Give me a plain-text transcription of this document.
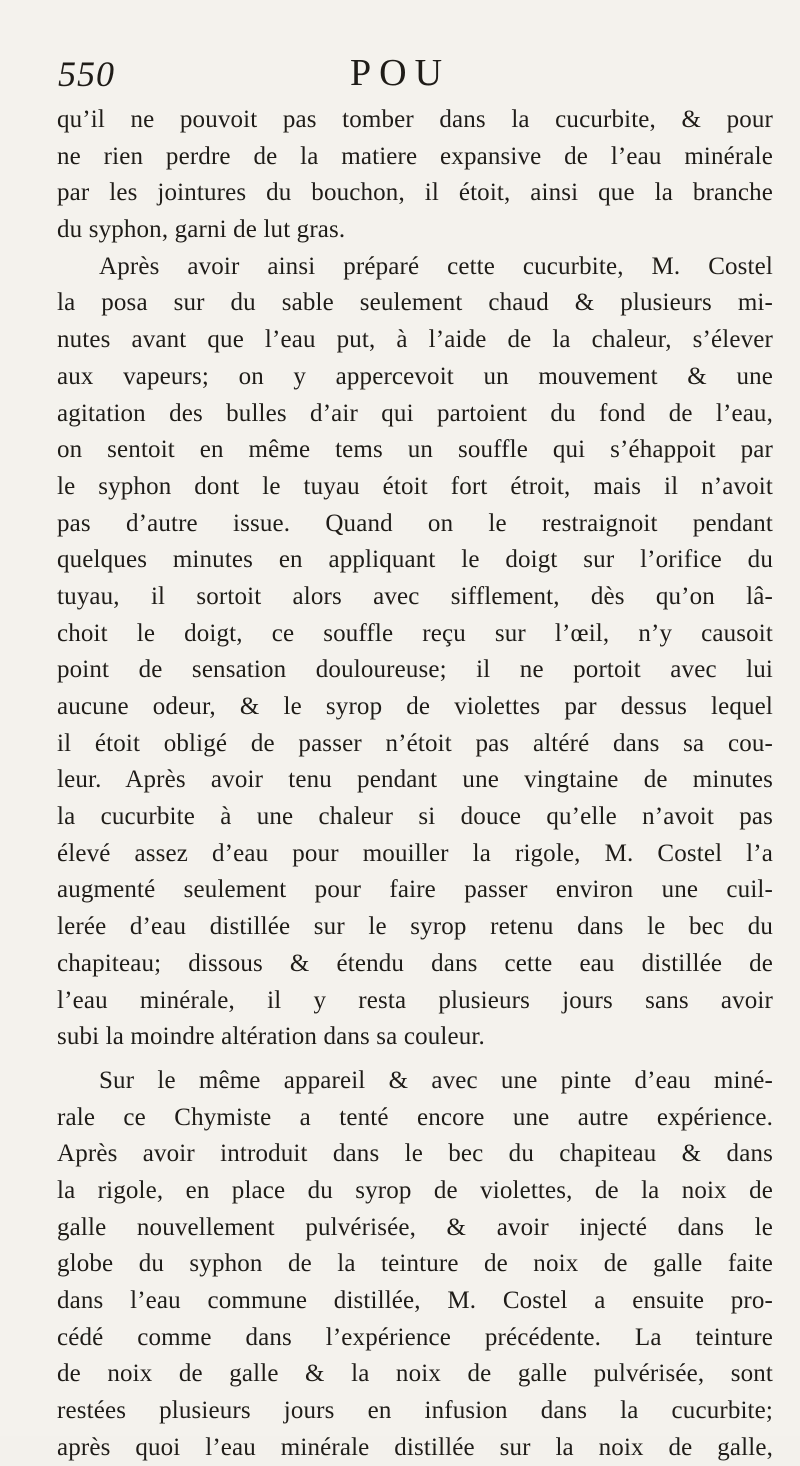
550	POU
qu’il ne pouvoit pas tomber dans la cucurbite, & pour
ne rien perdre de la matiere expansive de l’eau minérale
par les jointures du bouchon, il étoit, ainsi que la branche
du syphon, garni de lut gras.
Après avoir ainsi préparé cette cucurbite, M. Costel
la posa sur du sable seulement chaud & plusieurs mi-
nutes avant que l’eau put, à l’aide de la chaleur, s’élever
aux vapeurs; on y appercevoit un mouvement & une
agitation des bulles d’air qui partoient du fond de l’eau,
on sentoit en même tems un souffle qui s’éhappoit par
le syphon dont le tuyau étoit fort étroit, mais il n’avoit
pas d’autre issue. Quand on le restraignoit pendant
quelques minutes en appliquant le doigt sur l’orifice du
tuyau, il sortoit alors avec sifflement, dès qu’on lâ-
choit le doigt, ce souffle reçu sur l’œil, n’y causoit
point de sensation douloureuse; il ne portoit avec lui
aucune odeur, & le syrop de violettes par dessus lequel
il étoit obligé de passer n’étoit pas altéré dans sa cou-
leur. Après avoir tenu pendant une vingtaine de minutes
la cucurbite à une chaleur si douce qu’elle n’avoit pas
élevé assez d’eau pour mouiller la rigole, M. Costel l’a
augmenté seulement pour faire passer environ une cuil-
lerée d’eau distillée sur le syrop retenu dans le bec du
chapiteau; dissous & étendu dans cette eau distillée de
l’eau minérale, il y resta plusieurs jours sans avoir
subi la moindre altération dans sa couleur.
Sur le même appareil & avec une pinte d’eau miné-
rale ce Chymiste a tenté encore une autre expérience.
Après avoir introduit dans le bec du chapiteau & dans
la rigole, en place du syrop de violettes, de la noix de
galle nouvellement pulvérisée, & avoir injecté dans le
globe du syphon de la teinture de noix de galle faite
dans l’eau commune distillée, M. Costel a ensuite pro-
cédé comme dans l’expérience précédente. La teinture
de noix de galle & la noix de galle pulvérisée, sont
restées plusieurs jours en infusion dans la cucurbite;
après quoi l’eau minérale distillée sur la noix de galle,
